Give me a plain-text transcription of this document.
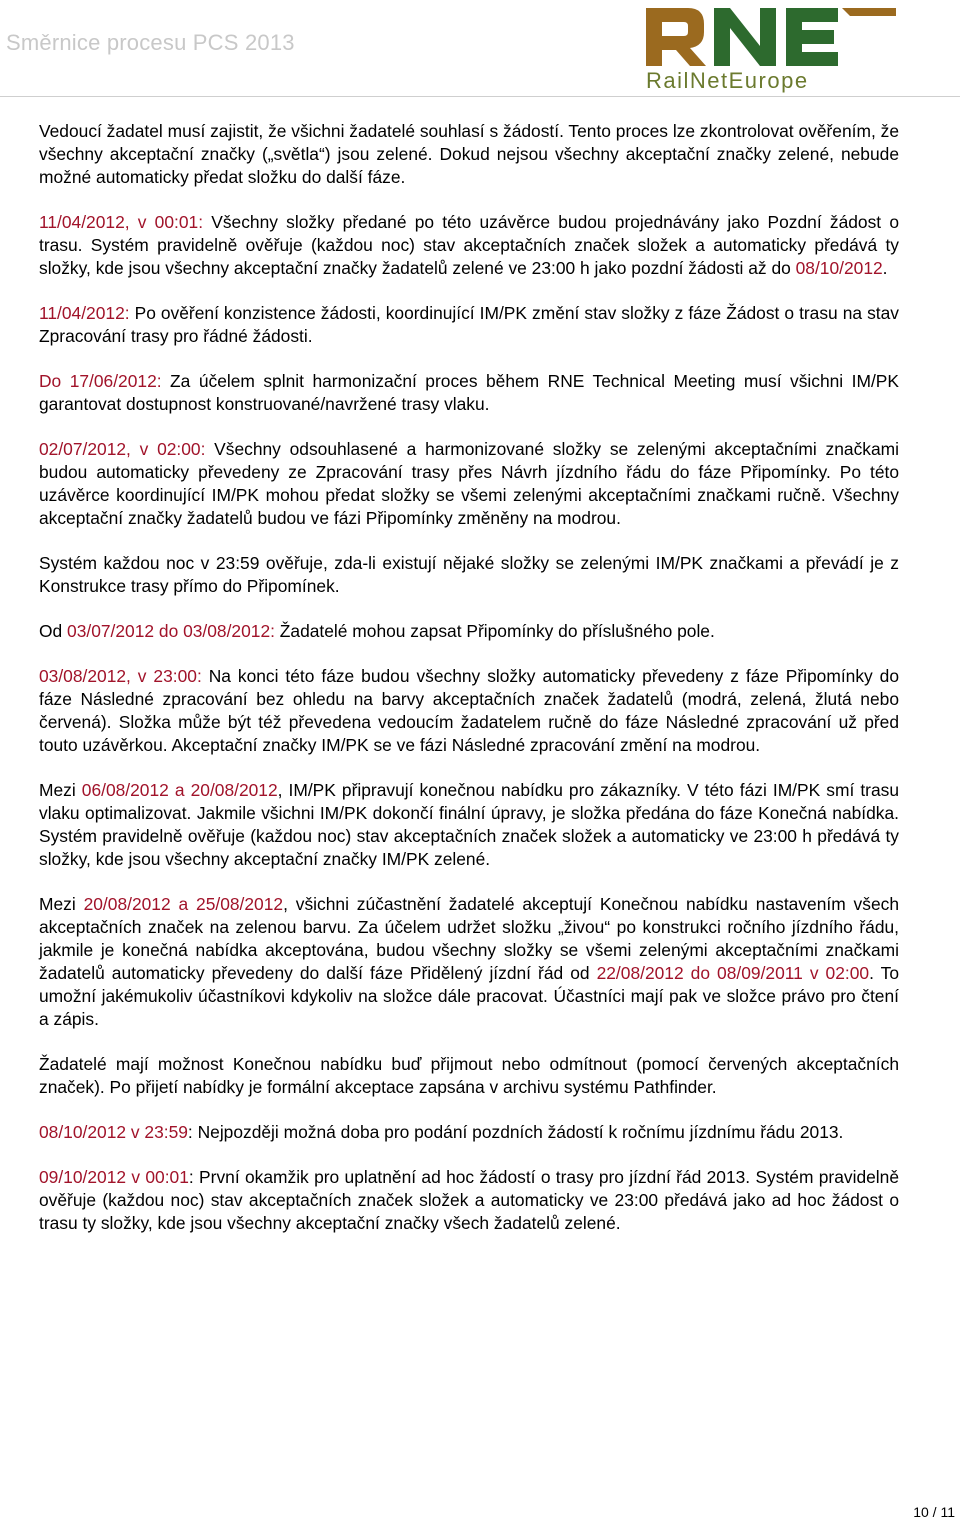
Směrnice procesu PCS 2013
RailNetEurope

Vedoucí žadatel musí zajistit, že všichni žadatelé souhlasí s žádostí. Tento proces lze zkontrolovat ověřením, že všechny akceptační značky („světla“) jsou zelené. Dokud nejsou všechny akceptační značky zelené, nebude možné automaticky předat složku do další fáze.

11/04/2012, v 00:01: Všechny složky předané po této uzávěrce budou projednávány jako Pozdní žádost o trasu. Systém pravidelně ověřuje (každou noc) stav akceptačních značek složek a automaticky předává ty složky, kde jsou všechny akceptační značky žadatelů zelené ve 23:00 h jako pozdní žádosti až do 08/10/2012.

11/04/2012: Po ověření konzistence žádosti, koordinující IM/PK změní stav složky z fáze Žádost o trasu na stav Zpracování trasy pro řádné žádosti.

Do 17/06/2012: Za účelem splnit harmonizační proces během RNE Technical Meeting musí všichni IM/PK garantovat dostupnost konstruované/navržené trasy vlaku.

02/07/2012, v 02:00: Všechny odsouhlasené a harmonizované složky se zelenými akceptačními značkami budou automaticky převedeny ze Zpracování trasy přes Návrh jízdního řádu do fáze Připomínky. Po této uzávěrce koordinující IM/PK mohou předat složky se všemi zelenými akceptačními značkami ručně. Všechny akceptační značky žadatelů budou ve fázi Připomínky změněny na modrou.

Systém každou noc v 23:59 ověřuje, zda-li existují nějaké složky se zelenými IM/PK značkami a převádí je z Konstrukce trasy přímo do Připomínek.

Od 03/07/2012 do 03/08/2012: Žadatelé mohou zapsat Připomínky do příslušného pole.

03/08/2012, v 23:00: Na konci této fáze budou všechny složky automaticky převedeny z fáze Připomínky do fáze Následné zpracování bez ohledu na barvy akceptačních značek žadatelů (modrá, zelená, žlutá nebo červená). Složka může být též převedena vedoucím žadatelem ručně do fáze Následné zpracování už před touto uzávěrkou. Akceptační značky IM/PK se ve fázi Následné zpracování změní na modrou.

Mezi 06/08/2012 a 20/08/2012, IM/PK připravují konečnou nabídku pro zákazníky. V této fázi IM/PK smí trasu vlaku optimalizovat. Jakmile všichni IM/PK dokončí finální úpravy, je složka předána do fáze Konečná nabídka. Systém pravidelně ověřuje (každou noc) stav akceptačních značek složek a automaticky ve 23:00 h předává ty složky, kde jsou všechny akceptační značky IM/PK zelené.

Mezi 20/08/2012 a 25/08/2012, všichni zúčastnění žadatelé akceptují Konečnou nabídku nastavením všech akceptačních značek na zelenou barvu. Za účelem udržet složku „živou“ po konstrukci ročního jízdního řádu, jakmile je konečná nabídka akceptována, budou všechny složky se všemi zelenými akceptačními značkami žadatelů automaticky převedeny do další fáze Přidělený jízdní řád od 22/08/2012 do 08/09/2011 v 02:00. To umožní jakémukoliv účastníkovi kdykoliv na složce dále pracovat. Účastníci mají pak ve složce právo pro čtení a zápis.

Žadatelé mají možnost Konečnou nabídku buď přijmout nebo odmítnout (pomocí červených akceptačních značek). Po přijetí nabídky je formální akceptace zapsána v archivu systému Pathfinder.

08/10/2012 v 23:59: Nejpozději možná doba pro podání pozdních žádostí k ročnímu jízdnímu řádu 2013.

09/10/2012 v 00:01: První okamžik pro uplatnění ad hoc žádostí o trasy pro jízdní řád 2013. Systém pravidelně ověřuje (každou noc) stav akceptačních značek složek a automaticky ve 23:00 předává jako ad hoc žádost o trasu ty složky, kde jsou všechny akceptační značky všech žadatelů zelené.

10 / 11
